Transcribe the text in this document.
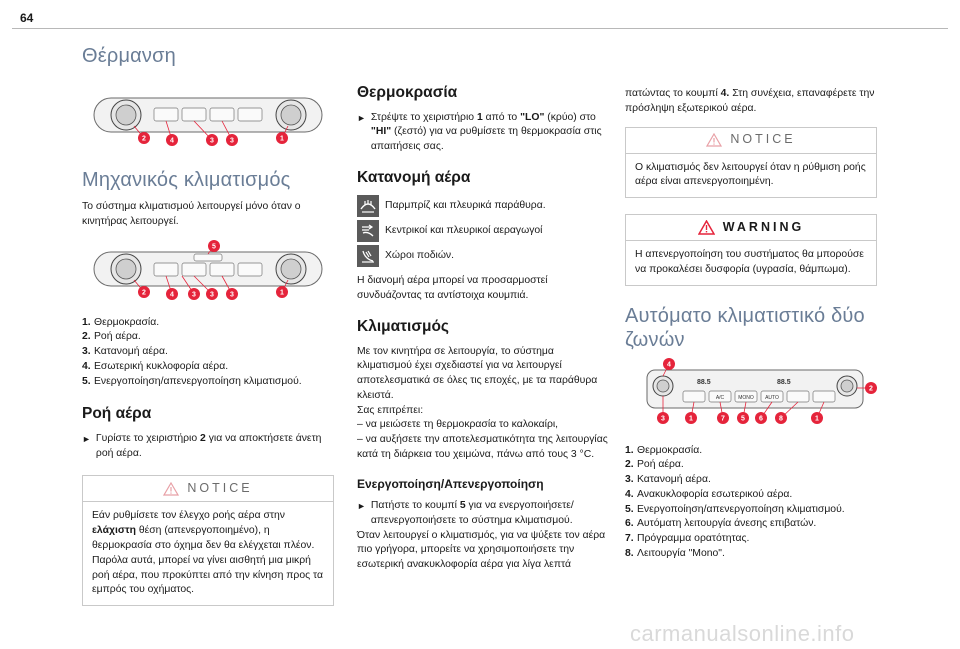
64
Θέρμανση
2	4	3 3	1
Μηχανικός κλιματισμός

Το σύστημα κλιματισμού λειτουργεί μόνο όταν ο κινητήρας λειτουργεί.

5
2	4	3 3 3	1
1. Θερμοκρασία.
2. Ροή αέρα.
3. Κατανομή αέρα.
4. Εσωτερική κυκλοφορία αέρα.
5. Ενεργοποίηση/απενεργοποίηση κλιματισμού.
Ροή αέρα
► Γυρίστε το χειριστήριο 2 για να αποκτήσετε άνετη ροή αέρα.
NOTICE
Εάν ρυθμίσετε τον έλεγχο ροής αέρα στην ελάχιστη θέση (απενεργοποιημένο), η θερμοκρασία στο όχημα δεν θα ελέγχεται πλέον. Παρόλα αυτά, μπορεί να γίνει αισθητή μια μικρή ροή αέρα, που προκύπτει από την κίνηση προς τα εμπρός του οχήματος.
Θερμοκρασία
► Στρέψτε το χειριστήριο 1 από το "LO" (κρύο) στο "HI" (ζεστό) για να ρυθμίσετε τη θερμοκρασία στις απαιτήσεις σας.
Κατανομή αέρα
Παρμπρίζ και πλευρικά παράθυρα.
Κεντρικοί και πλευρικοί αεραγωγοί
Χώροι ποδιών.

Η διανομή αέρα μπορεί να προσαρμοστεί συνδυάζοντας τα αντίστοιχα κουμπιά.

Κλιματισμός

Με τον κινητήρα σε λειτουργία, το σύστημα κλιματισμού έχει σχεδιαστεί για να λειτουργεί αποτελεσματικά σε όλες τις εποχές, με τα παράθυρα κλειστά.

Σας επιτρέπει:

– να μειώσετε τη θερμοκρασία το καλοκαίρι,

– να αυξήσετε την αποτελεσματικότητα της λειτουργίας κατά τη διάρκεια του χειμώνα, πάνω από τους 3 °C.

Ενεργοποίηση/Απενεργοποίηση
► Πατήστε το κουμπί 5 για να ενεργοποιήσετε/απενεργοποιήσετε το σύστημα κλιματισμού.

Όταν λειτουργεί ο κλιματισμός, για να ψύξετε τον αέρα πιο γρήγορα, μπορείτε να χρησιμοποιήσετε την εσωτερική ανακυκλοφορία αέρα για λίγα λεπτά

πατώντας το κουμπί 4. Στη συνέχεια, επαναφέρετε την πρόσληψη εξωτερικού αέρα.

NOTICE
Ο κλιματισμός δεν λειτουργεί όταν η ρύθμιση ροής αέρα είναι απενεργοποιημένη.
WARNING
Η απενεργοποίηση του συστήματος θα μπορούσε να προκαλέσει δυσφορία (υγρασία, θάμπωμα).
Αυτόματο κλιματιστικό δύο ζωνών
88.5	88.5
MONO
A/C	AUTO
4
2
3	1	7 5 6 8	1
1. Θερμοκρασία.
2. Ροή αέρα.
3. Κατανομή αέρα.
4. Ανακυκλοφορία εσωτερικού αέρα.
5. Ενεργοποίηση/απενεργοποίηση κλιματισμού.
6. Αυτόματη λειτουργία άνεσης επιβατών.
7. Πρόγραμμα ορατότητας.
8. Λειτουργία "Mono".
carmanualsonline.info
